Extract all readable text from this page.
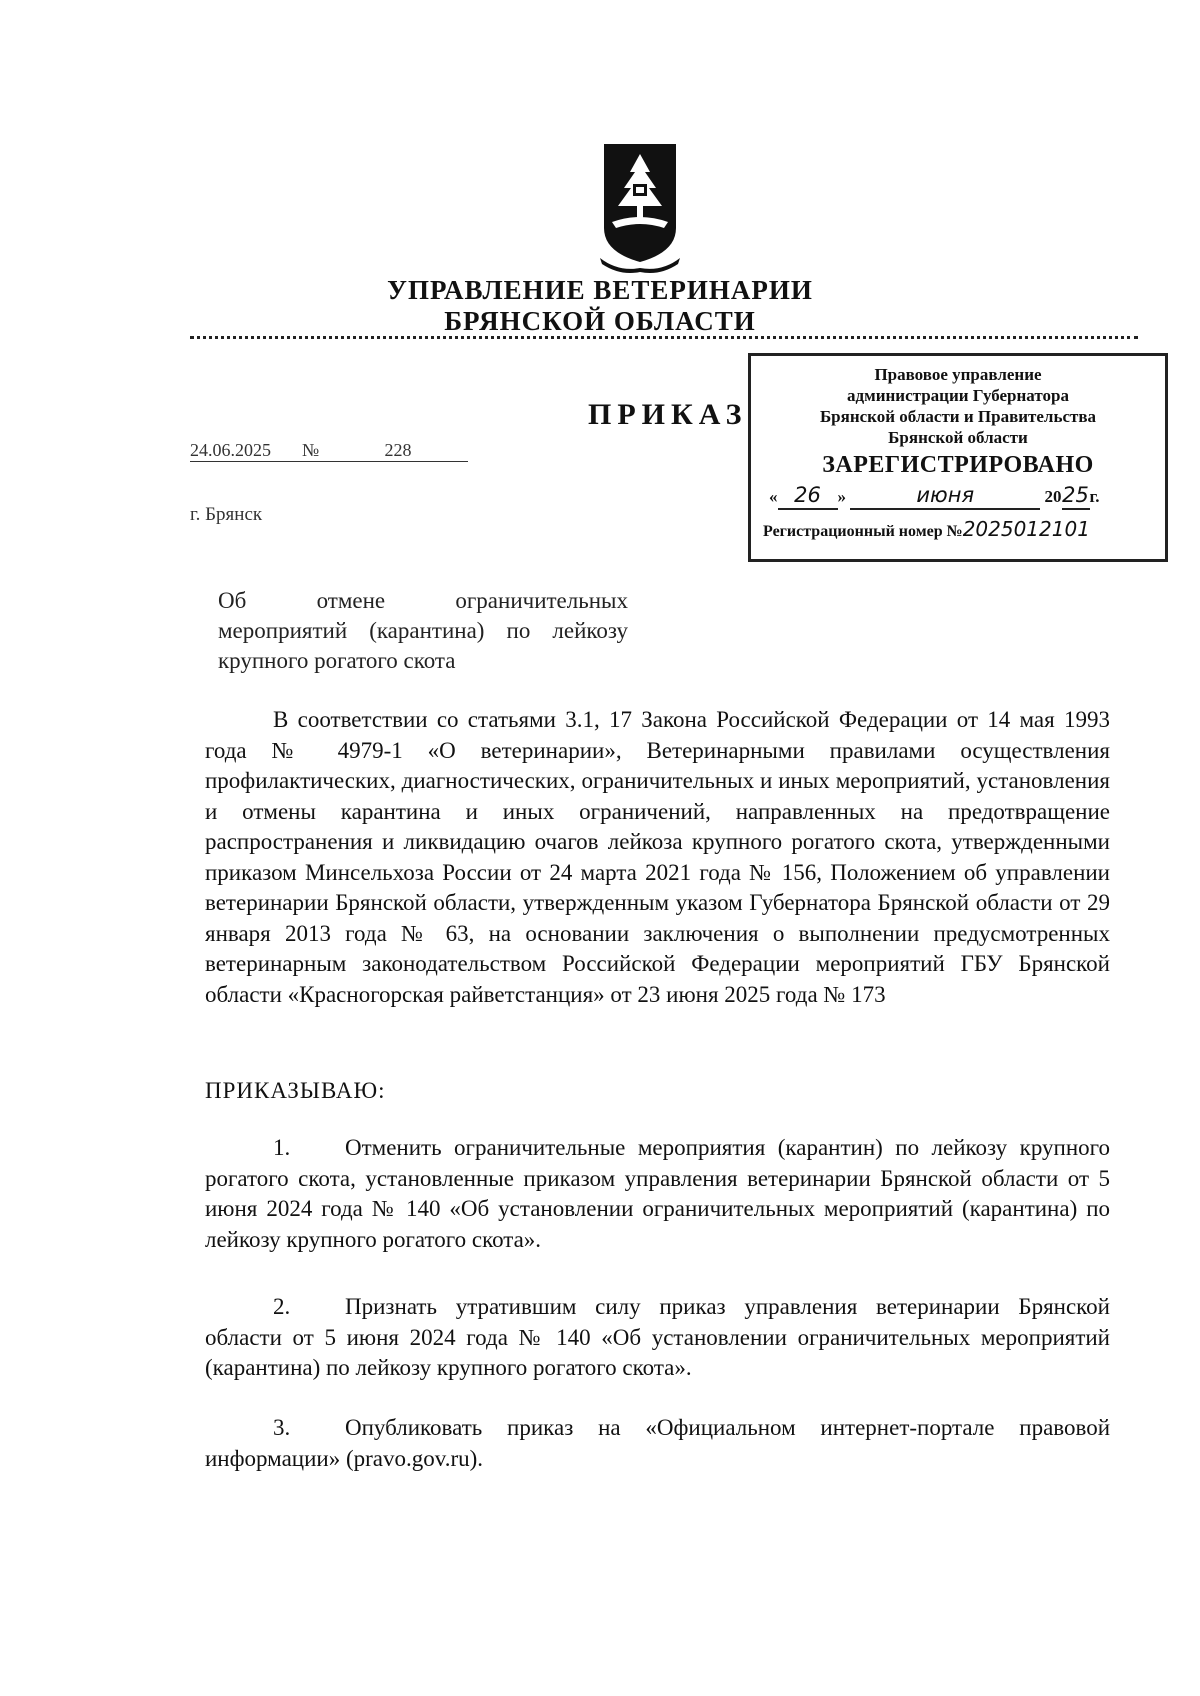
УПРАВЛЕНИЕ ВЕТЕРИНАРИИ
БРЯНСКОЙ ОБЛАСТИ
Правовое управление
администрации Губернатора
Брянской области и Правительства
Брянской области
ЗАРЕГИСТРИРОВАНО
« 26 »	июня	2025г.
Регистрационный номер №2025012101
ПРИКАЗ
24.06.2025 №	228
г. Брянск
Об отмене ограничительных мероприятий (карантина) по лейкозу крупного рогатого скота
В соответствии со статьями 3.1, 17 Закона Российской Федерации от 14 мая 1993 года № 4979-1 «О ветеринарии», Ветеринарными правилами осуществления профилактических, диагностических, ограничительных и иных мероприятий, установления и отмены карантина и иных ограничений, направленных на предотвращение распространения и ликвидацию очагов лейкоза крупного рогатого скота, утвержденными приказом Минсельхоза России от 24 марта 2021 года № 156, Положением об управлении ветеринарии Брянской области, утвержденным указом Губернатора Брянской области от 29 января 2013 года № 63, на основании заключения о выполнении предусмотренных ветеринарным законодательством Российской Федерации мероприятий ГБУ Брянской области «Красногорская райветстанция» от 23 июня 2025 года № 173
ПРИКАЗЫВАЮ:
1. Отменить ограничительные мероприятия (карантин) по лейкозу крупного рогатого скота, установленные приказом управления ветеринарии Брянской области от 5 июня 2024 года № 140 «Об установлении ограничительных мероприятий (карантина) по лейкозу крупного рогатого скота».
2. Признать утратившим силу приказ управления ветеринарии Брянской области от 5 июня 2024 года № 140 «Об установлении ограничительных мероприятий (карантина) по лейкозу крупного рогатого скота».
3. Опубликовать приказ на «Официальном интернет-портале правовой информации» (pravo.gov.ru).
